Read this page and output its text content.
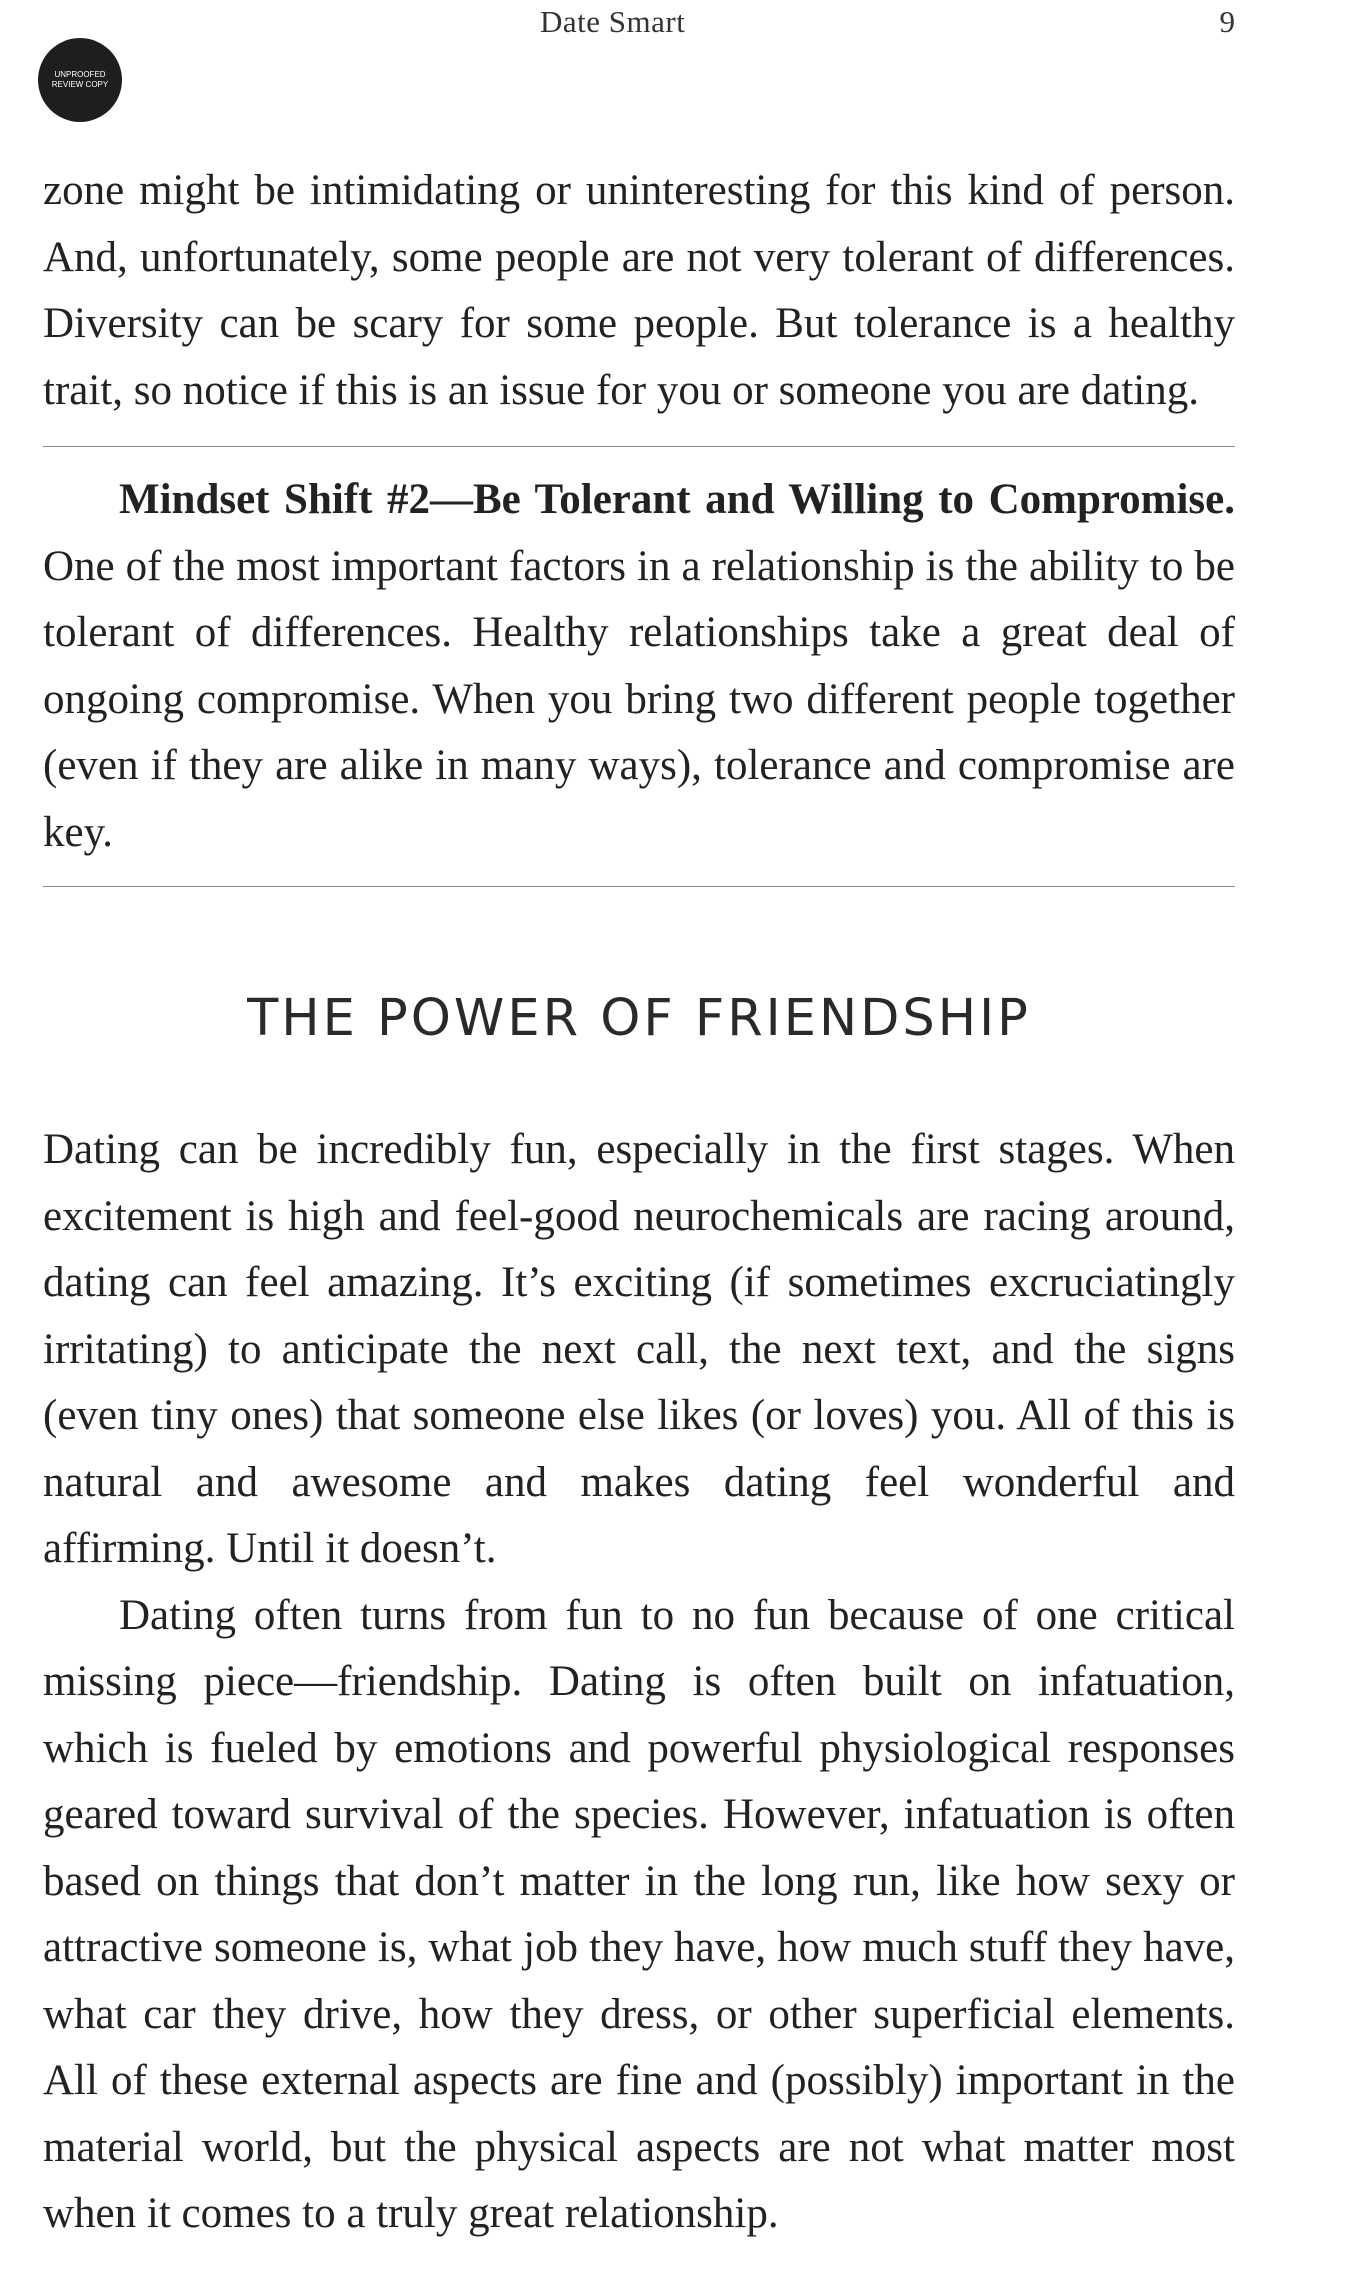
Date Smart	9
UNPROOFED
REVIEW COPY

zone might be intimidating or uninteresting for this kind of person. And, unfortunately, some people are not very tolerant of differences. Diversity can be scary for some people. But tolerance is a healthy trait, so notice if this is an issue for you or someone you are dating.

Mindset Shift #2—Be Tolerant and Willing to Compromise. One of the most important factors in a relationship is the ability to be tolerant of differences. Healthy relationships take a great deal of ongoing compromise. When you bring two different people together (even if they are alike in many ways), tolerance and compromise are key.

THE POWER OF FRIENDSHIP

Dating can be incredibly fun, especially in the first stages. When excitement is high and feel-good neurochemicals are racing around, dating can feel amazing. It’s exciting (if sometimes excruciatingly irritating) to anticipate the next call, the next text, and the signs (even tiny ones) that someone else likes (or loves) you. All of this is natural and awesome and makes dating feel wonderful and affirming. Until it doesn’t.

Dating often turns from fun to no fun because of one critical missing piece—friendship. Dating is often built on infatuation, which is fueled by emotions and powerful physiological responses geared toward survival of the species. However, infatuation is often based on things that don’t matter in the long run, like how sexy or attractive someone is, what job they have, how much stuff they have, what car they drive, how they dress, or other superficial elements. All of these external aspects are fine and (possibly) important in the material world, but the physical aspects are not what matter most when it comes to a truly great relationship.
